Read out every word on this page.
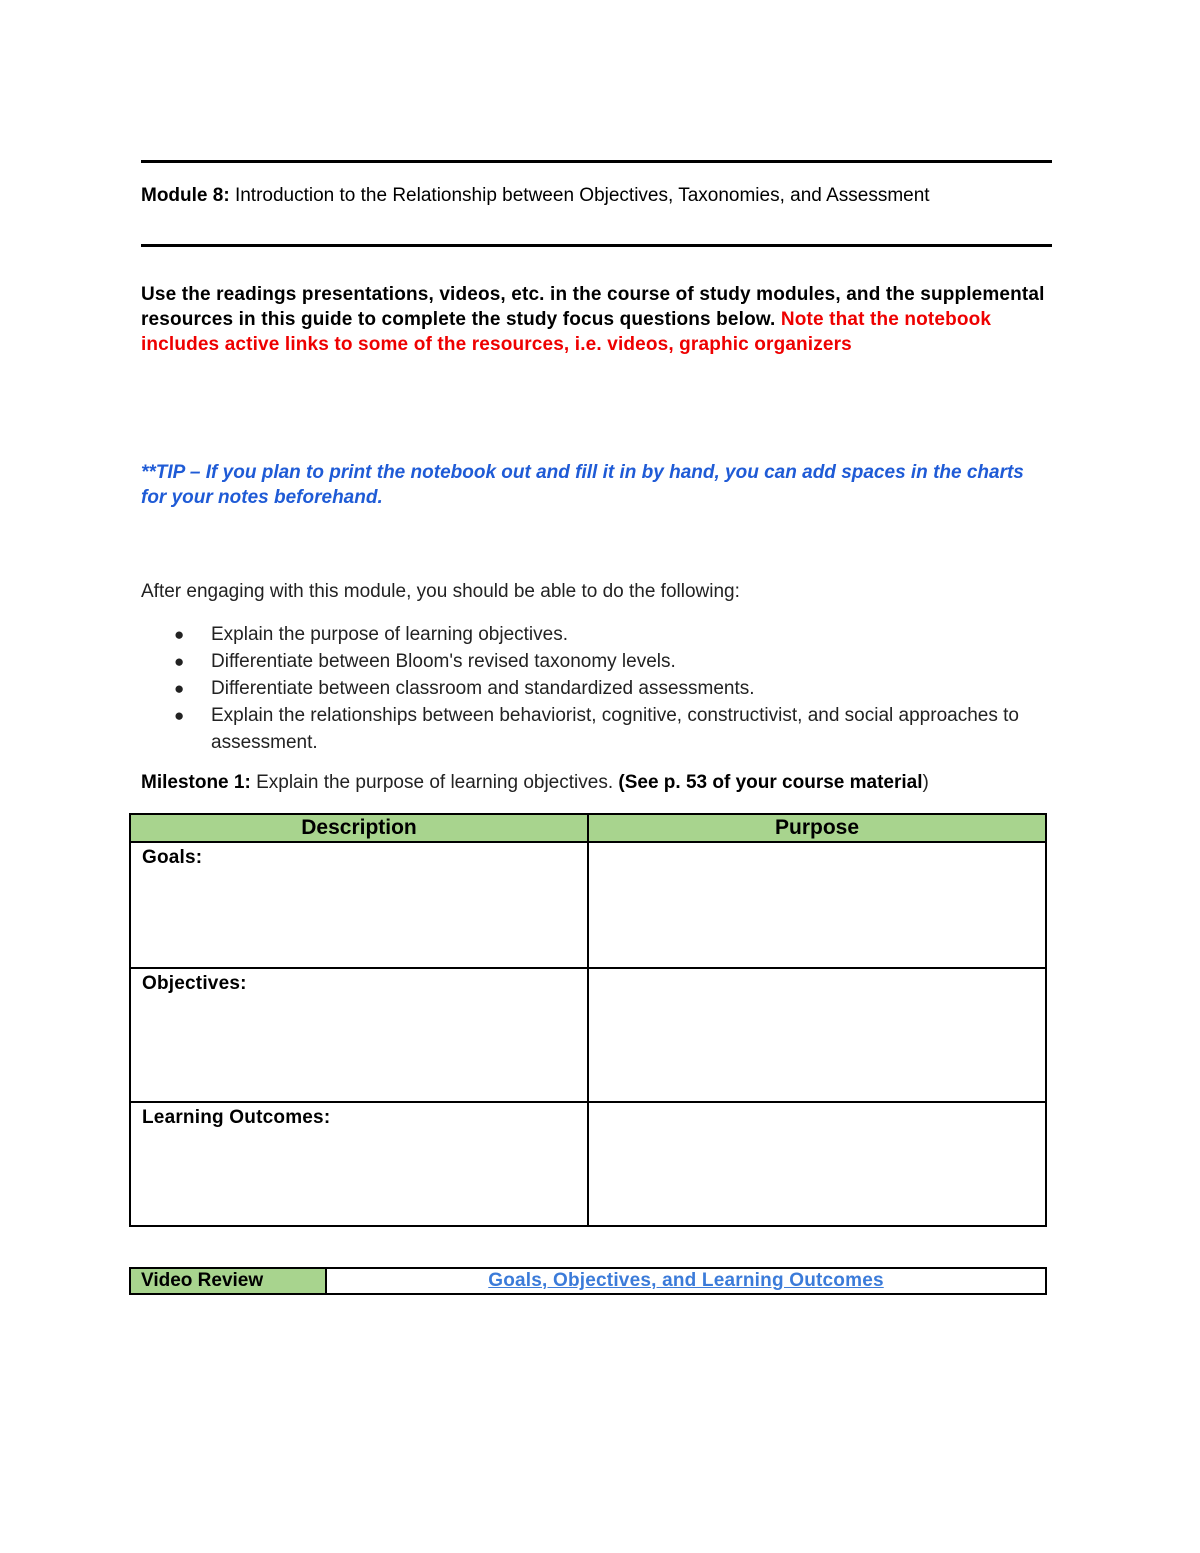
Module 8: Introduction to the Relationship between Objectives, Taxonomies, and Assessment
Use the readings presentations, videos, etc. in the course of study modules, and the supplemental resources in this guide to complete the study focus questions below. Note that the notebook includes active links to some of the resources, i.e. videos, graphic organizers
**TIP – If you plan to print the notebook out and fill it in by hand, you can add spaces in the charts for your notes beforehand.
After engaging with this module, you should be able to do the following:
● Explain the purpose of learning objectives.
● Differentiate between Bloom's revised taxonomy levels.
● Differentiate between classroom and standardized assessments.
● Explain the relationships between behaviorist, cognitive, constructivist, and social approaches to assessment.
Milestone 1: Explain the purpose of learning objectives. (See p. 53 of your course material)
Description	Purpose
Goals:	
Objectives:	
Learning Outcomes:	
Video Review	Goals, Objectives, and Learning Outcomes
